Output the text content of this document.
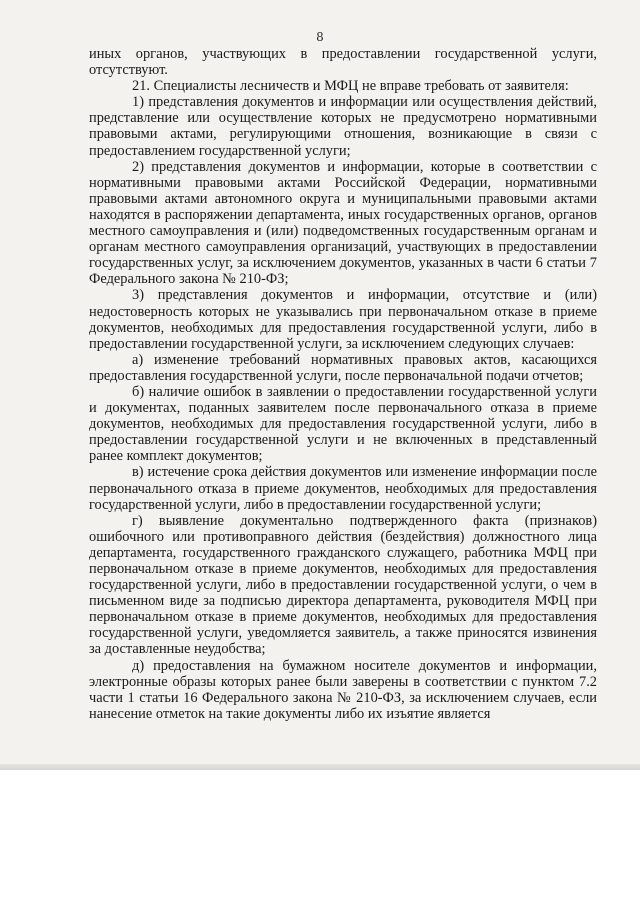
8

иных органов, участвующих в предоставлении государственной услуги, отсутствуют.

21. Специалисты лесничеств и МФЦ не вправе требовать от заявителя:

1) представления документов и информации или осуществления действий, представление или осуществление которых не предусмотрено нормативными правовыми актами, регулирующими отношения, возникающие в связи с предоставлением государственной услуги;

2) представления документов и информации, которые в соответствии с нормативными правовыми актами Российской Федерации, нормативными правовыми актами автономного округа и муниципальными правовыми актами находятся в распоряжении департамента, иных государственных органов, органов местного самоуправления и (или) подведомственных государственным органам и органам местного самоуправления организаций, участвующих в предоставлении государственных услуг, за исключением документов, указанных в части 6 статьи 7 Федерального закона № 210-ФЗ;

3) представления документов и информации, отсутствие и (или) недостоверность которых не указывались при первоначальном отказе в приеме документов, необходимых для предоставления государственной услуги, либо в предоставлении государственной услуги, за исключением следующих случаев:

а) изменение требований нормативных правовых актов, касающихся предоставления государственной услуги, после первоначальной подачи отчетов;

б) наличие ошибок в заявлении о предоставлении государственной услуги и документах, поданных заявителем после первоначального отказа в приеме документов, необходимых для предоставления государственной услуги, либо в предоставлении государственной услуги и не включенных в представленный ранее комплект документов;

в) истечение срока действия документов или изменение информации после первоначального отказа в приеме документов, необходимых для предоставления государственной услуги, либо в предоставлении государственной услуги;

г) выявление документально подтвержденного факта (признаков) ошибочного или противоправного действия (бездействия) должностного лица департамента, государственного гражданского служащего, работника МФЦ при первоначальном отказе в приеме документов, необходимых для предоставления государственной услуги, либо в предоставлении государственной услуги, о чем в письменном виде за подписью директора департамента, руководителя МФЦ при первоначальном отказе в приеме документов, необходимых для предоставления государственной услуги, уведомляется заявитель, а также приносятся извинения за доставленные неудобства;

д) предоставления на бумажном носителе документов и информации, электронные образы которых ранее были заверены в соответствии с пунктом 7.2 части 1 статьи 16 Федерального закона № 210-ФЗ, за исключением случаев, если нанесение отметок на такие документы либо их изъятие является
